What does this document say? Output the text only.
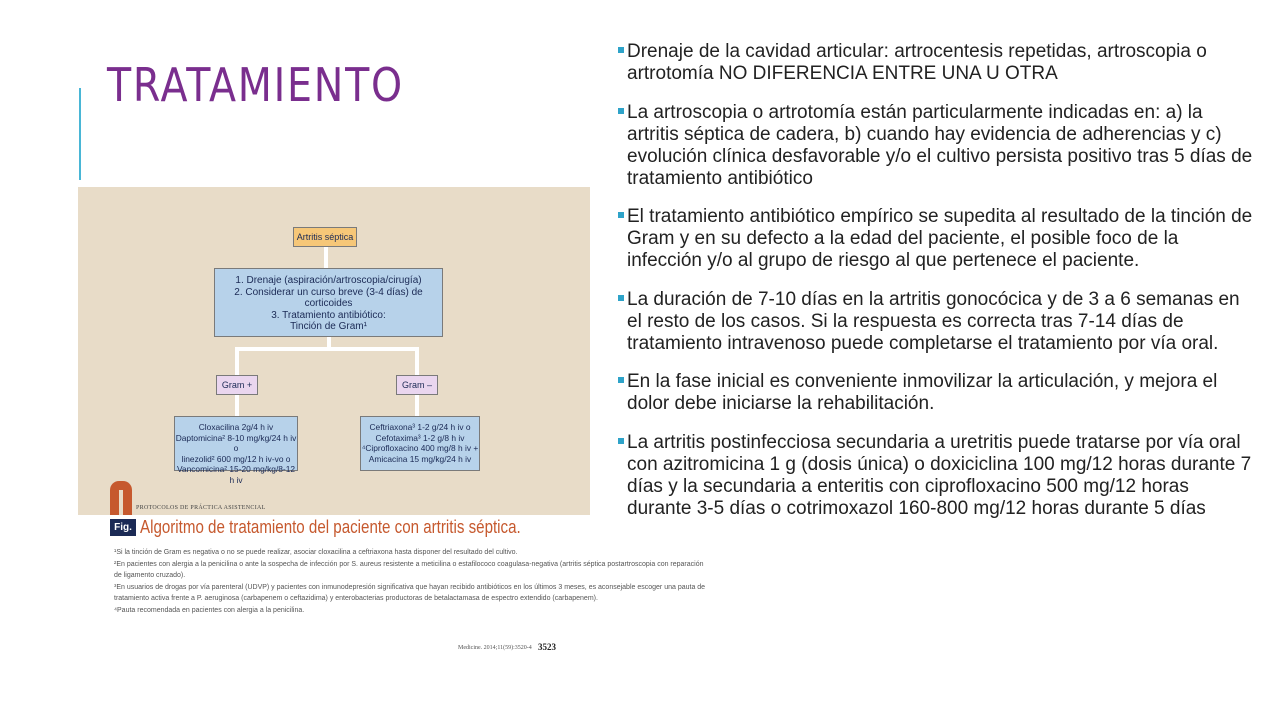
TRATAMIENTO
Artritis séptica
1. Drenaje (aspiración/artroscopia/cirugía)
2. Considerar un curso breve (3-4 días) de corticoides
3. Tratamiento antibiótico:
Tinción de Gram¹
Gram +	Gram –
Cloxacilina 2g/4 h iv
Daptomicina² 8-10 mg/kg/24 h iv o
linezolid² 600 mg/12 h iv-vo o
Vancomicina² 15-20 mg/kg/8-12 h iv
Ceftriaxona³ 1-2 g/24 h iv o
Cefotaxima³ 1-2 g/8 h iv
⁴Ciprofloxacino 400 mg/8 h iv +
Amicacina 15 mg/kg/24 h iv
PROTOCOLOS DE PRÁCTICA ASISTENCIAL
Fig. 2
Algoritmo de tratamiento del paciente con artritis séptica.
¹Si la tinción de Gram es negativa o no se puede realizar, asociar cloxacilina a ceftriaxona hasta disponer del resultado del cultivo.
²En pacientes con alergia a la penicilina o ante la sospecha de infección por S. aureus resistente a meticilina o estafilococo coagulasa-negativa (artritis séptica postartroscopia con reparación
de ligamento cruzado).
³En usuarios de drogas por vía parenteral (UDVP) y pacientes con inmunodepresión significativa que hayan recibido antibióticos en los últimos 3 meses, es aconsejable escoger una pauta de
tratamiento activa frente a P. aeruginosa (carbapenem o ceftazidima) y enterobacterias productoras de betalactamasa de espectro extendido (carbapenem).
⁴Pauta recomendada en pacientes con alergia a la penicilina.
Medicine. 2014;11(59):3520-4 3523
Drenaje de la cavidad articular: artrocentesis repetidas, artroscopia o artrotomía NO DIFERENCIA ENTRE UNA U OTRA
La artroscopia o artrotomía están particularmente indicadas en: a) la artritis séptica de cadera, b) cuando hay evidencia de adherencias y c) evolución clínica desfavorable y/o el cultivo persista positivo tras 5 días de tratamiento antibiótico
El tratamiento antibiótico empírico se supedita al resultado de la tinción de Gram y en su defecto a la edad del paciente, el posible foco de la infección y/o al grupo de riesgo al que pertenece el paciente.
La duración de 7-10 días en la artritis gonocócica y de 3 a 6 semanas en el resto de los casos. Si la respuesta es correcta tras 7-14 días de tratamiento intravenoso puede completarse el tratamiento por vía oral.
En la fase inicial es conveniente inmovilizar la articulación, y mejora el dolor debe iniciarse la rehabilitación.
La artritis postinfecciosa secundaria a uretritis puede tratarse por vía oral con azitromicina 1 g (dosis única) o doxiciclina 100 mg/12 horas durante 7 días y la secundaria a enteritis con ciprofloxacino 500 mg/12 horas durante 3-5 días o cotrimoxazol 160-800 mg/12 horas durante 5 días
